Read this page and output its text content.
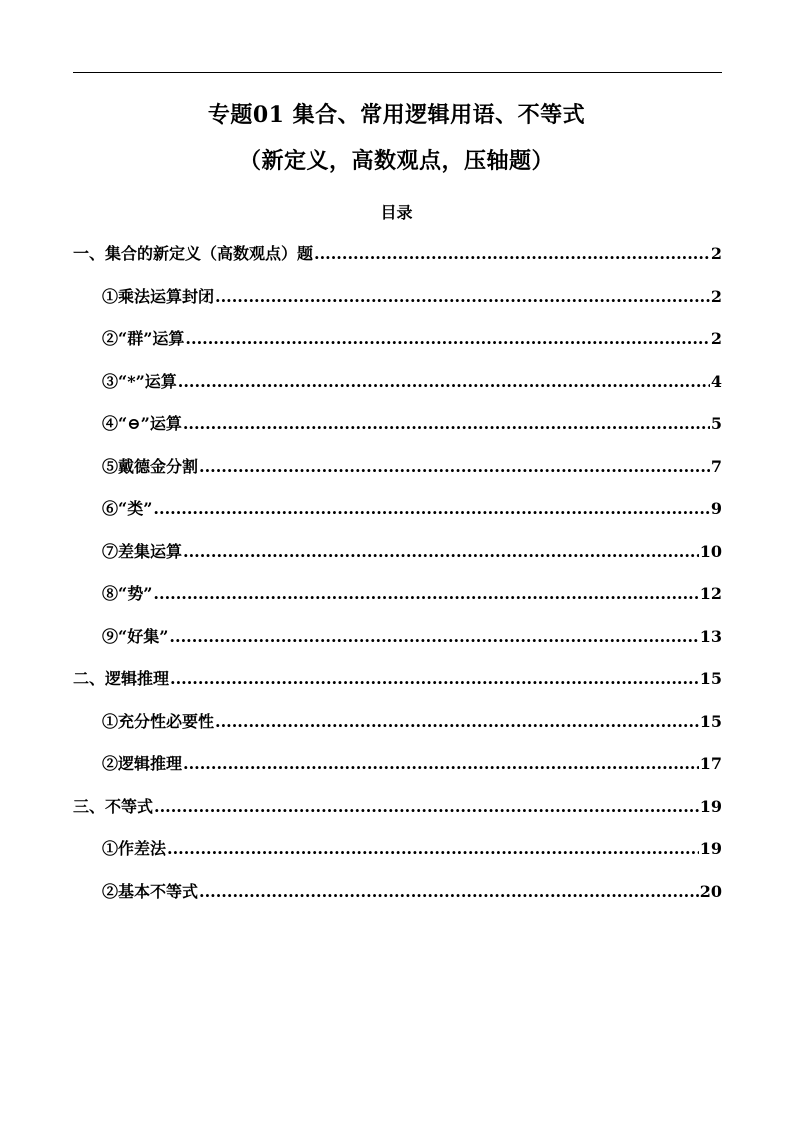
专题01 集合、常用逻辑用语、不等式
（新定义，高数观点，压轴题）
目录
一、集合的新定义（高数观点）题 .....	2
①乘法运算封闭 .....	2
②“群”运算 .....	2
③“*”运算 .....	4
④“⊖”运算 .....	5
⑤戴德金分割 .....	7
⑥“类” .....	9
⑦差集运算 .....	10
⑧“势” .....	12
⑨“好集” .....	13
二、逻辑推理 .....	15
①充分性必要性 .....	15
②逻辑推理 .....	17
三、不等式 .....	19
①作差法 .....	19
②基本不等式 .....	20
